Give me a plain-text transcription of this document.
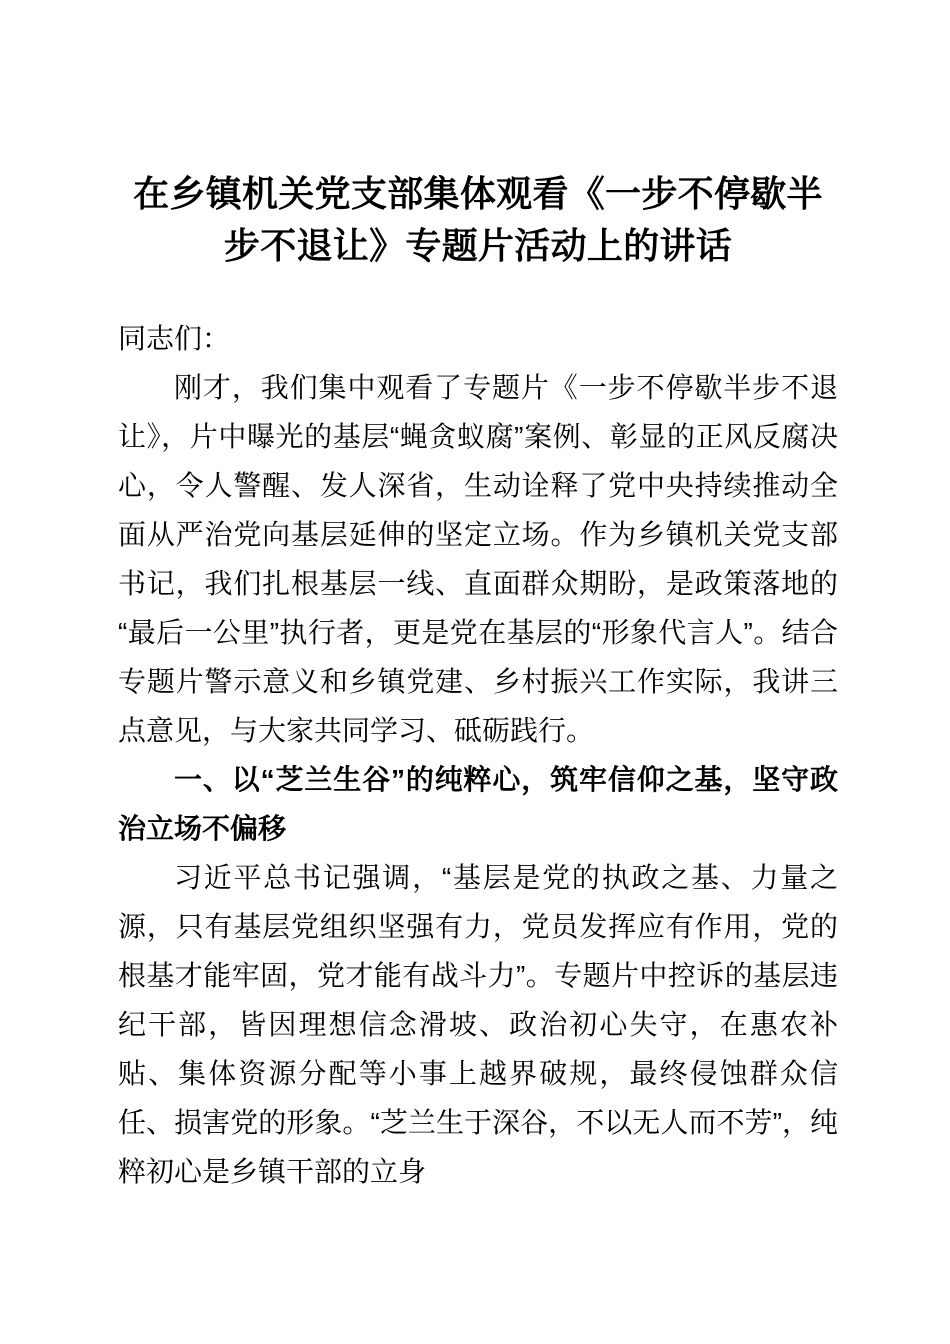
在乡镇机关党支部集体观看《一步不停歇半步不退让》专题片活动上的讲话

同志们：

刚才，我们集中观看了专题片《一步不停歇半步不退让》，片中曝光的基层“蝇贪蚁腐”案例、彰显的正风反腐决心，令人警醒、发人深省，生动诠释了党中央持续推动全面从严治党向基层延伸的坚定立场。作为乡镇机关党支部书记，我们扎根基层一线、直面群众期盼，是政策落地的“最后一公里”执行者，更是党在基层的“形象代言人”。结合专题片警示意义和乡镇党建、乡村振兴工作实际，我讲三点意见，与大家共同学习、砥砺践行。

一、以“芝兰生谷”的纯粹心，筑牢信仰之基，坚守政治立场不偏移

习近平总书记强调，“基层是党的执政之基、力量之源，只有基层党组织坚强有力，党员发挥应有作用，党的根基才能牢固，党才能有战斗力”。专题片中控诉的基层违纪干部，皆因理想信念滑坡、政治初心失守，在惠农补贴、集体资源分配等小事上越界破规，最终侵蚀群众信任、损害党的形象。“芝兰生于深谷，不以无人而不芳”，纯粹初心是乡镇干部的立身
